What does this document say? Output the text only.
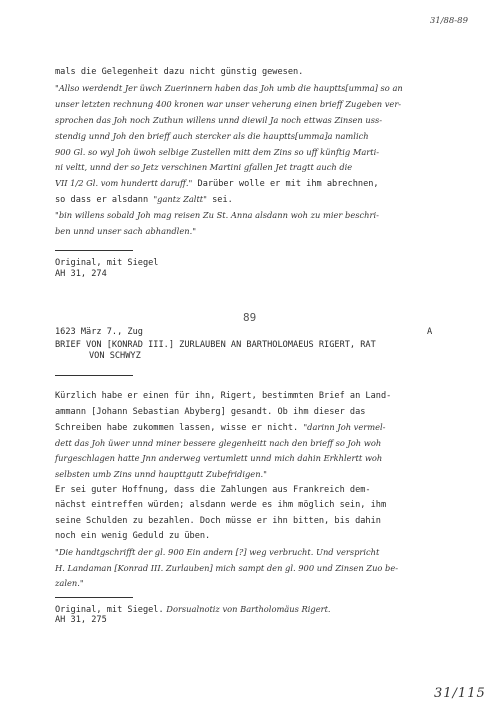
31/88-89
mals die Gelegenheit dazu nicht günstig gewesen.
"Allso werdendt Jer üwch Zuerinnern haben das Joh umb die hauptts[umma] so an
unser letzten rechnung 400 kronen war unser veherung einen brieff Zugeben ver-
sprochen das Joh noch Zuthun willens unnd diewil Ja noch ettwas Zinsen uss-
stendig unnd Joh den brieff auch stercker als die hauptts[umma]a namlich
900 Gl. so wyl Joh üwoh selbige Zustellen mitt dem Zins so uff künftig Marti-
ni veltt, unnd der so Jetz verschinen Martini gfallen Jet tragtt auch die
VII 1/2 Gl. vom hundertt daruff." Darüber wolle er mit ihm abrechnen,
so dass er alsdann "gantz Zaltt" sei.
"bin willens sobald Joh mag reisen Zu St. Anna alsdann woh zu mier beschri-
ben unnd unser sach abhandlen."
Original, mit Siegel
AH 31, 274
89
1623 März 7., Zug	A
BRIEF VON [KONRAD III.] ZURLAUBEN AN BARTHOLOMAEUS RIGERT, RAT
VON SCHWYZ
Kürzlich habe er einen für ihn, Rigert, bestimmten Brief an Land-
ammann [Johann Sebastian Abyberg] gesandt. Ob ihm dieser das
Schreiben habe zukommen lassen, wisse er nicht. "darinn Joh vermel-
dett das Joh üwer unnd miner bessere glegenheitt nach den brieff so Joh woh
furgeschlagen hatte Jnn anderweg vertumlett unnd mich dahin Erkhlertt woh
selbsten umb Zins unnd haupttgutt Zubefridigen."
Er sei guter Hoffnung, dass die Zahlungen aus Frankreich dem-
nächst eintreffen würden; alsdann werde es ihm möglich sein, ihm
seine Schulden zu bezahlen. Doch müsse er ihn bitten, bis dahin
noch ein wenig Geduld zu üben.
"Die handtgschrifft der gl. 900 Ein andern [?] weg verbrucht. Und verspricht
H. Landaman [Konrad III. Zurlauben] mich sampt den gl. 900 und Zinsen Zuo be-
zalen."
Original, mit Siegel. Dorsualnotiz von Bartholomäus Rigert.
AH 31, 275
31/115
